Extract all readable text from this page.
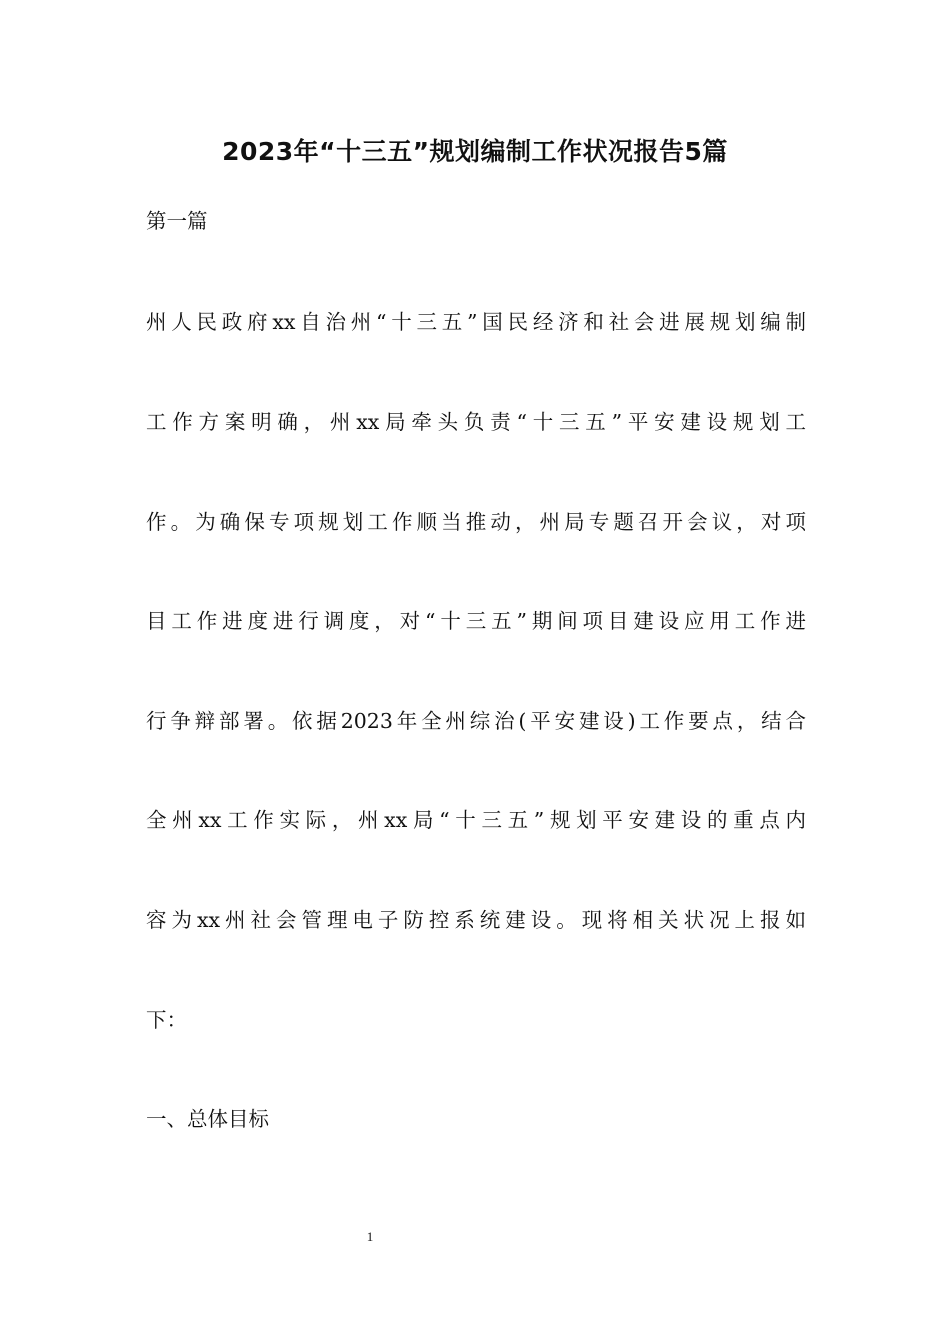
2023年“十三五”规划编制工作状况报告5篇
第一篇
州人民政府xx自治州“十三五”国民经济和社会进展规划编制
工作方案明确，州xx局牵头负责“十三五”平安建设规划工
作。为确保专项规划工作顺当推动，州局专题召开会议，对项
目工作进度进行调度，对“十三五”期间项目建设应用工作进
行争辩部署。依据2023年全州综治(平安建设)工作要点，结合
全州xx工作实际，州xx局“十三五”规划平安建设的重点内
容为xx州社会管理电子防控系统建设。现将相关状况上报如
下：
一、总体目标
1
